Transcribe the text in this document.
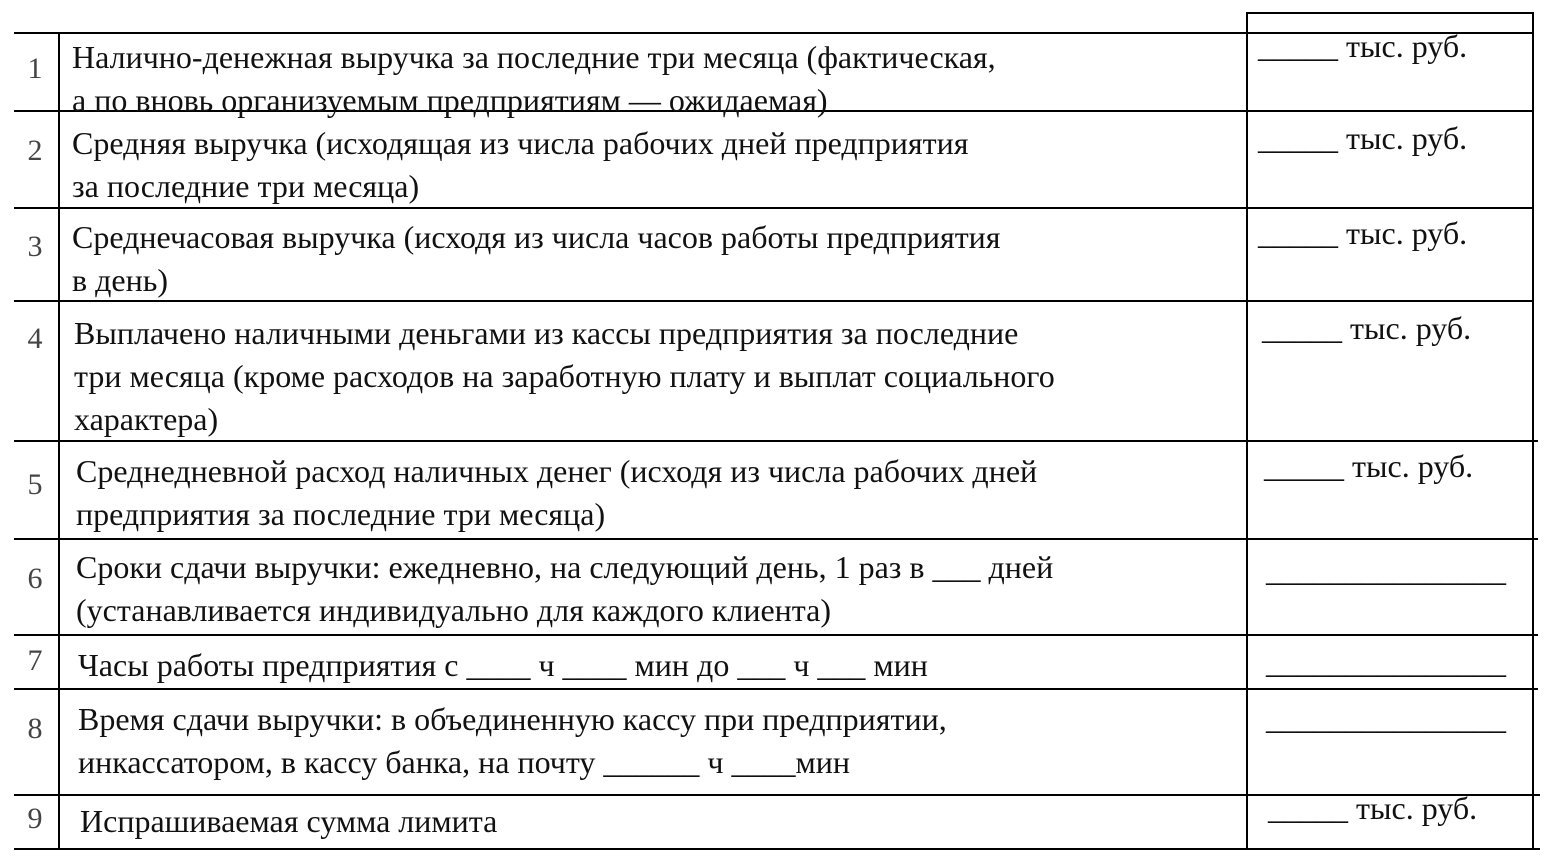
1 Налично-денежная выручка за последние три месяца (фактическая,
а по вновь организуемым предприятиям — ожидаемая)
_____ тыс. руб.
2 Средняя выручка (исходящая из числа рабочих дней предприятия
за последние три месяца)
_____ тыс. руб.
3 Среднечасовая выручка (исходя из числа часов работы предприятия
в день)
_____ тыс. руб.
4 Выплачено наличными деньгами из кассы предприятия за последние
три месяца (кроме расходов на заработную плату и выплат социального
характера)
_____ тыс. руб.
5 Среднедневной расход наличных денег (исходя из числа рабочих дней
предприятия за последние три месяца)
_____ тыс. руб.
6 Сроки сдачи выручки: ежедневно, на следующий день, 1 раз в ___ дней
(устанавливается индивидуально для каждого клиента)
_______________
7 Часы работы предприятия с ____ ч ____ мин до ___ ч ___ мин	_______________
8 Время сдачи выручки: в объединенную кассу при предприятии,
инкассатором, в кассу банка, на почту ______ ч ____мин
_______________
9 Испрашиваемая сумма лимита	_____ тыс. руб.
